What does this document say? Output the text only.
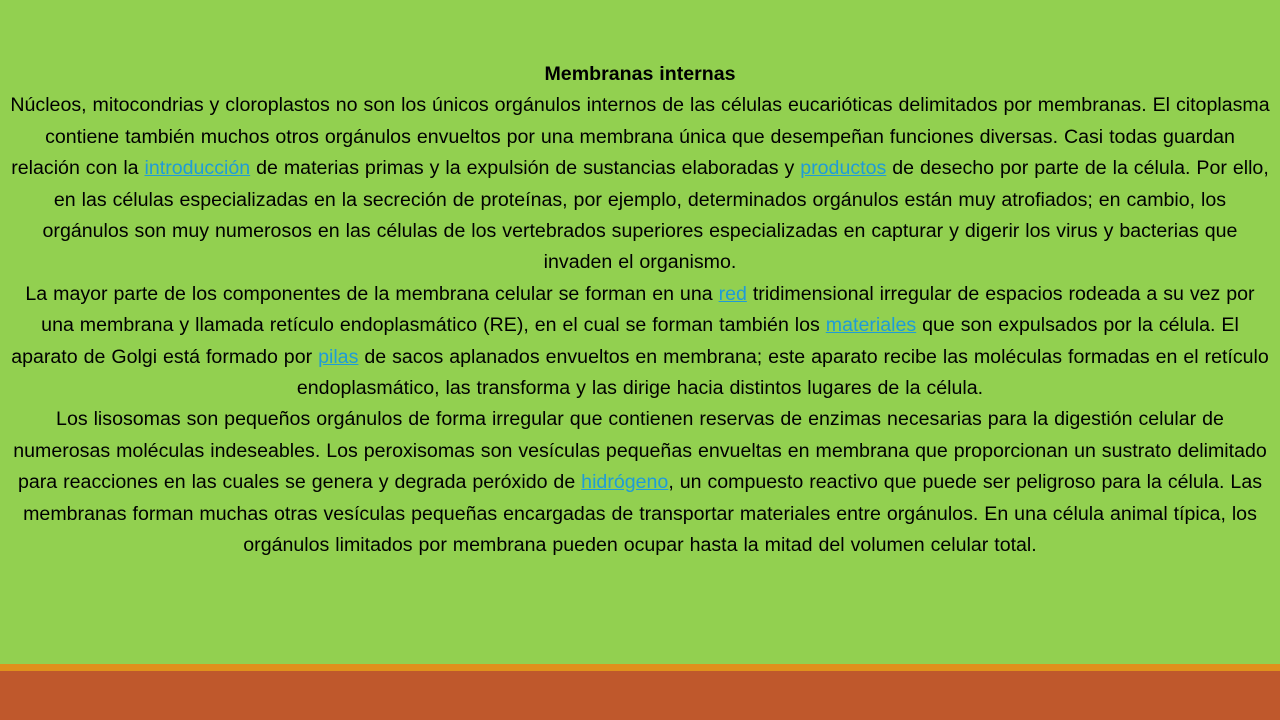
Membranas internas

Núcleos, mitocondrias y cloroplastos no son los únicos orgánulos internos de las células eucarióticas delimitados por membranas. El citoplasma contiene también muchos otros orgánulos envueltos por una membrana única que desempeñan funciones diversas. Casi todas guardan relación con la introducción de materias primas y la expulsión de sustancias elaboradas y productos de desecho por parte de la célula. Por ello, en las células especializadas en la secreción de proteínas, por ejemplo, determinados orgánulos están muy atrofiados; en cambio, los orgánulos son muy numerosos en las células de los vertebrados superiores especializadas en capturar y digerir los virus y bacterias que invaden el organismo.

La mayor parte de los componentes de la membrana celular se forman en una red tridimensional irregular de espacios rodeada a su vez por una membrana y llamada retículo endoplasmático (RE), en el cual se forman también los materiales que son expulsados por la célula. El aparato de Golgi está formado por pilas de sacos aplanados envueltos en membrana; este aparato recibe las moléculas formadas en el retículo endoplasmático, las transforma y las dirige hacia distintos lugares de la célula.

Los lisosomas son pequeños orgánulos de forma irregular que contienen reservas de enzimas necesarias para la digestión celular de numerosas moléculas indeseables. Los peroxisomas son vesículas pequeñas envueltas en membrana que proporcionan un sustrato delimitado para reacciones en las cuales se genera y degrada peróxido de hidrógeno, un compuesto reactivo que puede ser peligroso para la célula. Las membranas forman muchas otras vesículas pequeñas encargadas de transportar materiales entre orgánulos. En una célula animal típica, los orgánulos limitados por membrana pueden ocupar hasta la mitad del volumen celular total.
